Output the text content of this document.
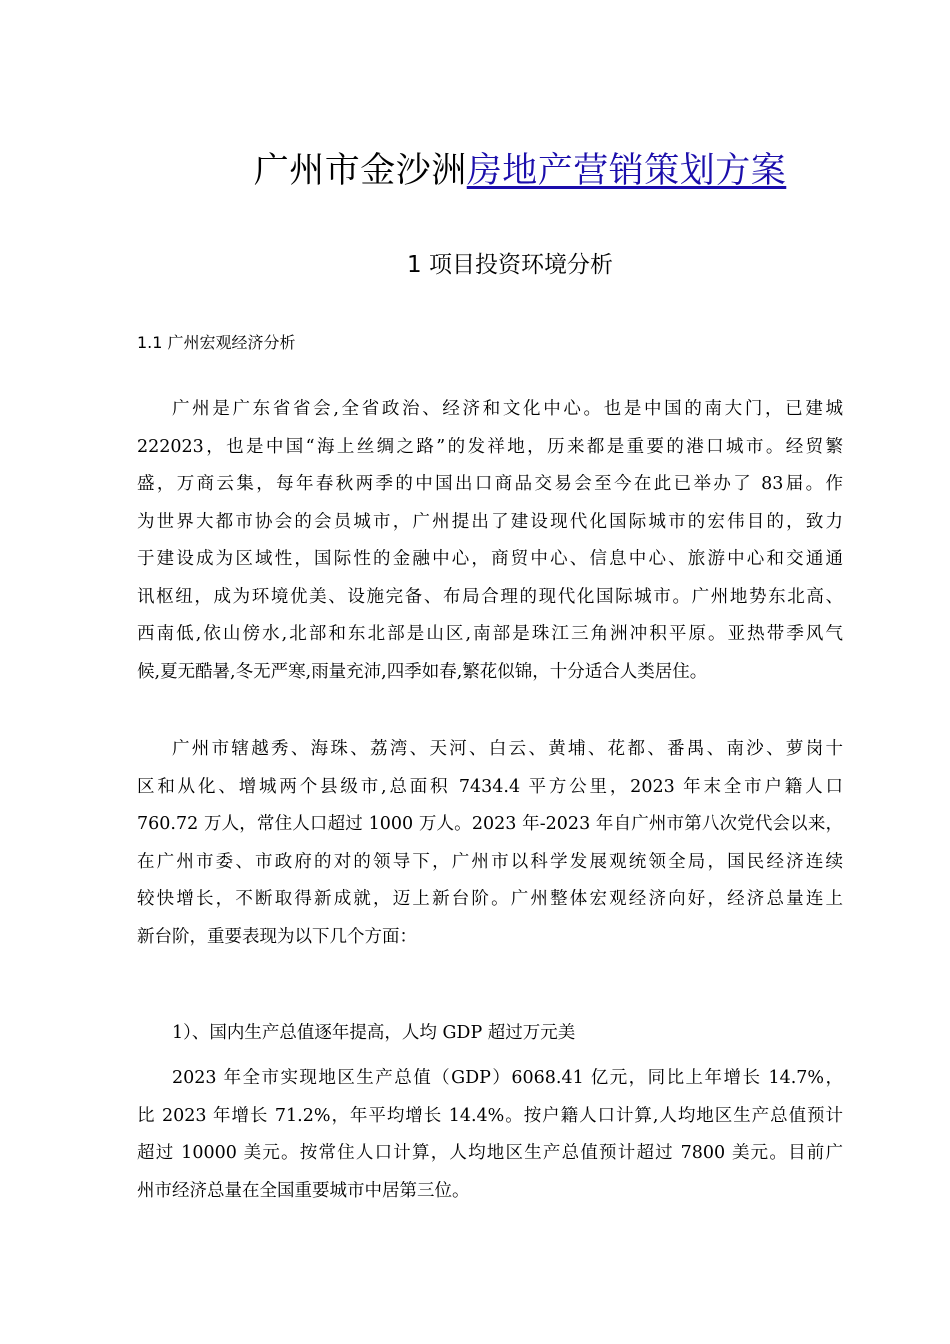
广州市金沙洲房地产营销策划方案
1 项目投资环境分析
1.1 广州宏观经济分析
广州是广东省省会,全省政治、经济和文化中心。也是中国的南大门，已建城
222023，也是中国“海上丝绸之路”的发祥地，历来都是重要的港口城市。经贸繁
盛，万商云集，每年春秋两季的中国出口商品交易会至今在此已举办了 83届。作
为世界大都市协会的会员城市，广州提出了建设现代化国际城市的宏伟目的，致力
于建设成为区域性，国际性的金融中心，商贸中心、信息中心、旅游中心和交通通
讯枢纽，成为环境优美、设施完备、布局合理的现代化国际城市。广州地势东北高、
西南低,依山傍水,北部和东北部是山区,南部是珠江三角洲冲积平原。亚热带季风气
候,夏无酷暑,冬无严寒,雨量充沛,四季如春,繁花似锦，十分适合人类居住。
广州市辖越秀、海珠、荔湾、天河、白云、黄埔、花都、番禺、南沙、萝岗十
区和从化、增城两个县级市,总面积 7434.4 平方公里，2023 年末全市户籍人口
760.72 万人，常住人口超过 1000 万人。2023 年-2023 年自广州市第八次党代会以来，
在广州市委、市政府的对的领导下，广州市以科学发展观统领全局，国民经济连续
较快增长，不断取得新成就，迈上新台阶。广州整体宏观经济向好，经济总量连上
新台阶，重要表现为以下几个方面：
1）、国内生产总值逐年提高，人均 GDP 超过万元美
2023 年全市实现地区生产总值（GDP）6068.41 亿元，同比上年增长 14.7%，
比 2023 年增长 71.2%，年平均增长 14.4%。按户籍人口计算,人均地区生产总值预计
超过 10000 美元。按常住人口计算，人均地区生产总值预计超过 7800 美元。目前广
州市经济总量在全国重要城市中居第三位。
